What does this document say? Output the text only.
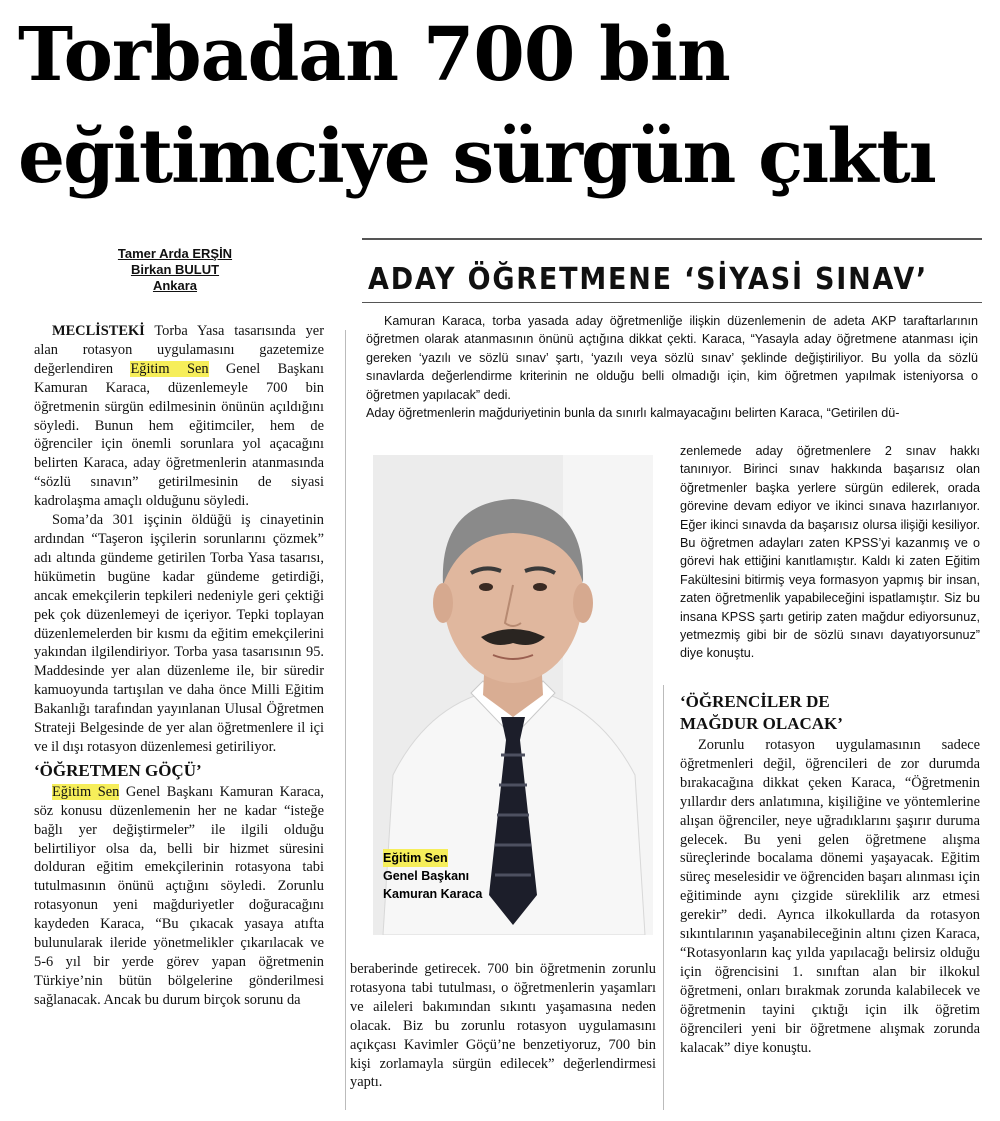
Torbadan 700 bin
eğitimciye sürgün çıktı
Tamer Arda ERŞİN
Birkan BULUT
Ankara	ADAY ÖĞRETMENE ‘SİYASİ SINAV’

MECLİSTEKİ Torba Yasa tasarısında yer alan rotasyon uygulamasını gazetemize değerlendiren Eğitim Sen Genel Başkanı Kamuran Karaca, düzenlemeyle 700 bin öğretmenin sürgün edilmesinin önünün açıldığını söyledi. Bunun hem eğitimciler, hem de öğrenciler için önemli sorunlara yol açacağını belirten Karaca, aday öğretmenlerin atanmasında “sözlü sınavın” getirilmesinin de siyasi kadrolaşma amaçlı olduğunu söyledi.

Soma’da 301 işçinin öldüğü iş cinayetinin ardından “Taşeron işçilerin sorunlarını çözmek” adı altında gündeme getirilen Torba Yasa tasarısı, hükümetin bugüne kadar gündeme getirdiği, ancak emekçilerin tepkileri nedeniyle geri çektiği pek çok düzenlemeyi de içeriyor. Tepki toplayan düzenlemelerden bir kısmı da eğitim emekçilerini yakından ilgilendiriyor. Torba yasa tasarısının 95. Maddesinde yer alan düzenleme ile, bir süredir kamuoyunda tartışılan ve daha önce Milli Eğitim Bakanlığı tarafından yayınlanan Ulusal Öğretmen Strateji Belgesinde de yer alan öğretmenlere il içi ve il dışı rotasyon düzenlemesi getiriliyor.

‘ÖĞRETMEN GÖÇÜ’

Eğitim Sen Genel Başkanı Kamuran Karaca, söz konusu düzenlemenin her ne kadar “isteğe bağlı yer değiştirmeler” ile ilgili olduğu belirtiliyor olsa da, belli bir hizmet süresini dolduran eğitim emekçilerinin rotasyona tabi tutulmasının önünü açtığını söyledi. Zorunlu rotasyonun yeni mağduriyetler doğuracağını kaydeden Karaca, “Bu çıkacak yasaya atıfta bulunularak ileride yönetmelikler çıkarılacak ve 5-6 yıl bir yerde görev yapan öğretmenin Türkiye’nin bütün bölgelerine gönderilmesi sağlanacak. Ancak bu durum birçok sorunu da

Kamuran Karaca, torba yasada aday öğretmenliğe ilişkin düzenlemenin de adeta AKP taraftarlarının öğretmen olarak atanmasının önünü açtığına dikkat çekti. Karaca, “Yasayla aday öğretmene atanması için gereken ‘yazılı ve sözlü sınav’ şartı, ‘yazılı veya sözlü sınav’ şeklinde değiştiriliyor. Bu yolla da sözlü sınavlarda değerlendirme kriterinin ne olduğu belli olmadığı için, kim öğretmen yapılmak isteniyorsa o öğretmen yapılacak” dedi.

Aday öğretmenlerin mağduriyetinin bunla da sınırlı kalmayacağını belirten Karaca, “Getirilen dü-

zenlemede aday öğretmenlere 2 sınav hakkı tanınıyor. Birinci sınav hakkında başarısız olan öğretmenler başka yerlere sürgün edilerek, orada görevine devam ediyor ve ikinci sınava hazırlanıyor. Eğer ikinci sınavda da başarısız olursa ilişiği kesiliyor. Bu öğretmen adayları zaten KPSS’yi kazanmış ve o görevi hak ettiğini kanıtlamıştır. Kaldı ki zaten Eğitim Fakültesini bitirmiş veya formasyon yapmış bir insan, zaten öğretmenlik yapabileceğini ispatlamıştır. Siz bu insana KPSS şartı getirip zaten mağdur ediyorsunuz, yetmezmiş gibi bir de sözlü sınavı dayatıyorsunuz” diye konuştu.

Eğitim Sen
Genel Başkanı
Kamuran Karaca
‘ÖĞRENCİLER DE
MAĞDUR OLACAK’

Zorunlu rotasyon uygulamasının sadece öğretmenleri değil, öğrencileri de zor durumda bırakacağına dikkat çeken Karaca, “Öğretmenin yıllardır ders anlatımına, kişiliğine ve yöntemlerine alışan öğrenciler, neye uğradıklarını şaşırır duruma gelecek. Bu yeni gelen öğretmene alışma süreçlerinde bocalama dönemi yaşayacak. Eğitim süreç meselesidir ve öğrenciden başarı alınması için eğitiminde aynı çizgide süreklilik arz etmesi gerekir” dedi. Ayrıca ilkokullarda da rotasyon sıkıntılarının yaşanabileceğinin altını çizen Karaca, “Rotasyonların kaç yılda yapılacağı belirsiz olduğu için öğrencisini 1. sınıftan alan bir ilkokul öğretmeni, onları bırakmak zorunda kalabilecek ve öğretmenin tayini çıktığı için ilk öğretim öğrencileri yeni bir öğretmene alışmak zorunda kalacak” diye konuştu.

beraberinde getirecek. 700 bin öğretmenin zorunlu rotasyona tabi tutulması, o öğretmenlerin yaşamları ve aileleri bakımından sıkıntı yaşamasına neden olacak. Biz bu zorunlu rotasyon uygulamasını açıkçası Kavimler Göçü’ne benzetiyoruz, 700 bin kişi zorlamayla sürgün edilecek” değerlendirmesi yaptı.
